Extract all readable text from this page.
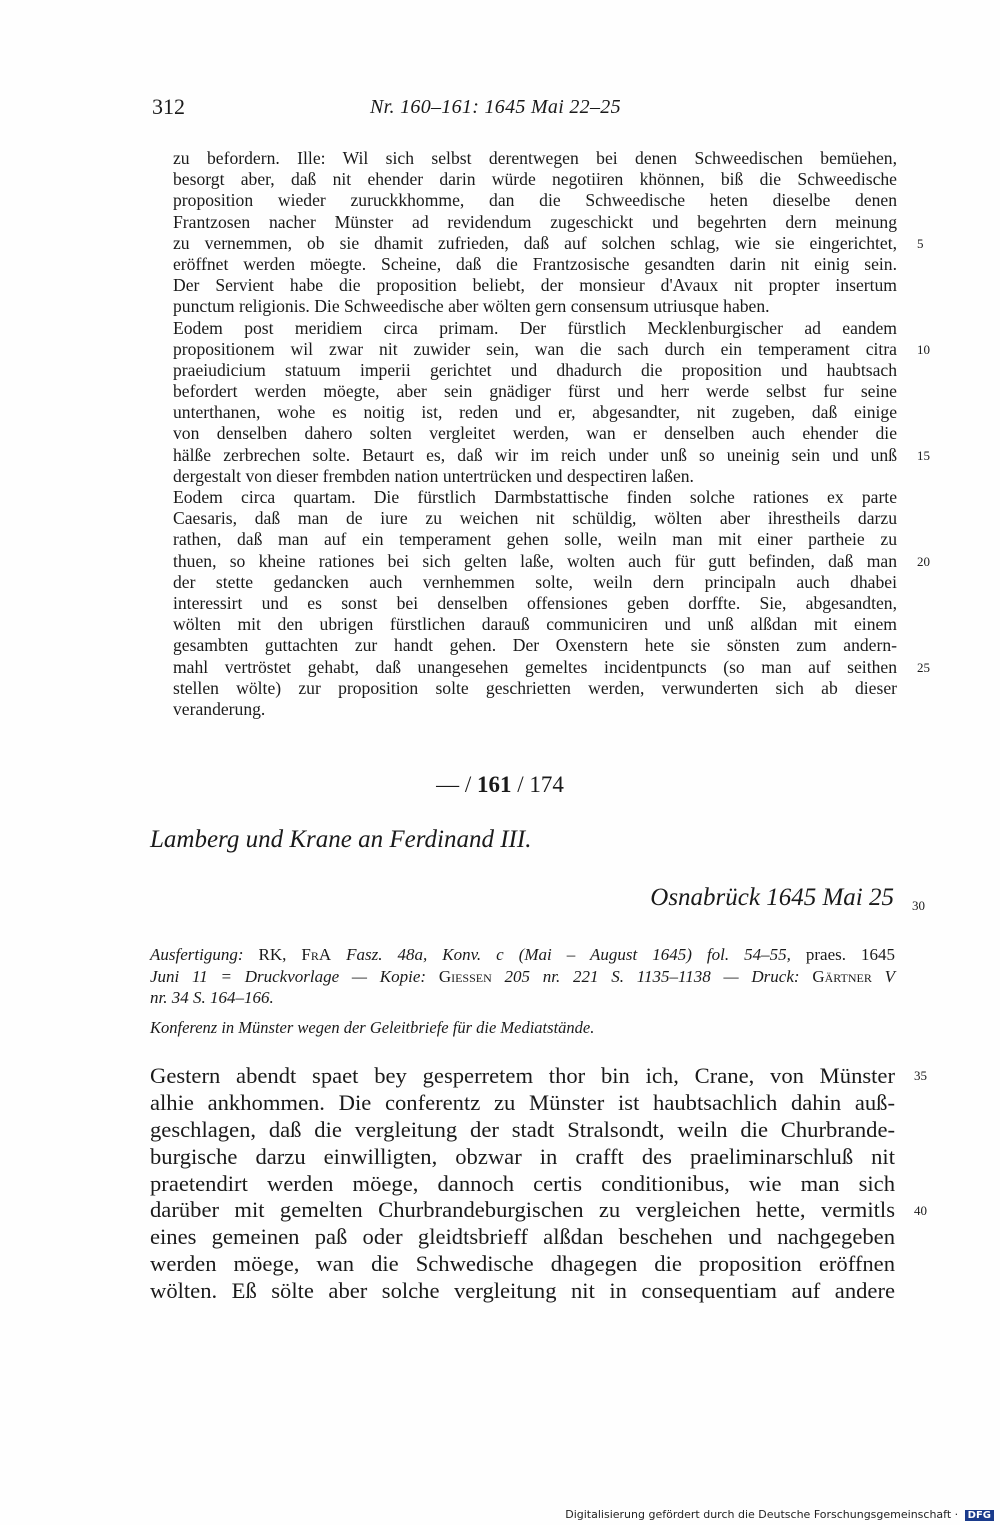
312	Nr. 160–161: 1645 Mai 22–25
zu befordern. Ille: Wil sich selbst derentwegen bei denen Schweedischen bemüehen,
besorgt aber, daß nit ehender darin würde negotiiren khönnen, biß die Schweedische
proposition wieder zuruckkhomme, dan die Schweedische heten dieselbe denen
Frantzosen nacher Münster ad revidendum zugeschickt und begehrten dern meinung
zu vernemmen, ob sie dhamit zufrieden, daß auf solchen schlag, wie sie eingerichtet,
eröffnet werden möegte. Scheine, daß die Frantzosische gesandten darin nit einig sein.
Der Servient habe die proposition beliebt, der monsieur d'Avaux nit propter insertum
punctum religionis. Die Schweedische aber wölten gern consensum utriusque haben.
Eodem post meridiem circa primam. Der fürstlich Mecklenburgischer ad eandem
propositionem wil zwar nit zuwider sein, wan die sach durch ein temperament citra
praeiudicium statuum imperii gerichtet und dhadurch die proposition und haubtsach
befordert werden möegte, aber sein gnädiger fürst und herr werde selbst fur seine
unterthanen, wohe es noitig ist, reden und er, abgesandter, nit zugeben, daß einige
von denselben dahero solten vergleitet werden, wan er denselben auch ehender die
hälße zerbrechen solte. Betaurt es, daß wir im reich under unß so uneinig sein und unß
dergestalt von dieser frembden nation untertrücken und despectiren laßen.
Eodem circa quartam. Die fürstlich Darmbstattische finden solche rationes ex parte
Caesaris, daß man de iure zu weichen nit schüldig, wölten aber ihrestheils darzu
rathen, daß man auf ein temperament gehen solle, weiln man mit einer partheie zu
thuen, so kheine rationes bei sich gelten laße, wolten auch für gutt befinden, daß man
der stette gedancken auch vernhemmen solte, weiln dern principaln auch dhabei
interessirt und es sonst bei denselben offensiones geben dorffte. Sie, abgesandten,
wölten mit den ubrigen fürstlichen darauß communiciren und unß alßdan mit einem
gesambten guttachten zur handt gehen. Der Oxenstern hete sie sönsten zum andern-
mahl vertröstet gehabt, daß unangesehen gemeltes incidentpuncts (so man auf seithen
stellen wölte) zur proposition solte geschrietten werden, verwunderten sich ab dieser
veranderung.
5
10
15
20
25
— / 161 / 174
Lamberg und Krane an Ferdinand III.
Osnabrück 1645 Mai 25 30
Ausfertigung: RK, FrA Fasz. 48a, Konv. c (Mai – August 1645) fol. 54–55, praes. 1645
Juni 11 = Druckvorlage — Kopie: Giessen 205 nr. 221 S. 1135–1138 — Druck: Gärtner V
nr. 34 S. 164–166.
Konferenz in Münster wegen der Geleitbriefe für die Mediatstände.
Gestern abendt spaet bey gesperretem thor bin ich, Crane, von Münster
alhie ankhommen. Die conferentz zu Münster ist haubtsachlich dahin auß-
geschlagen, daß die vergleitung der stadt Stralsondt, weiln die Churbrande-
burgische darzu einwilligten, obzwar in crafft des praeliminarschluß nit
praetendirt werden möege, dannoch certis conditionibus, wie man sich
darüber mit gemelten Churbrandeburgischen zu vergleichen hette, vermitls
eines gemeinen paß oder gleidtsbrieff alßdan beschehen und nachgegeben
werden möege, wan die Schwedische dhagegen die proposition eröffnen
wölten. Eß sölte aber solche vergleitung nit in consequentiam auf andere
35
40
Digitalisierung gefördert durch die Deutsche Forschungsgemeinschaft · DFG
